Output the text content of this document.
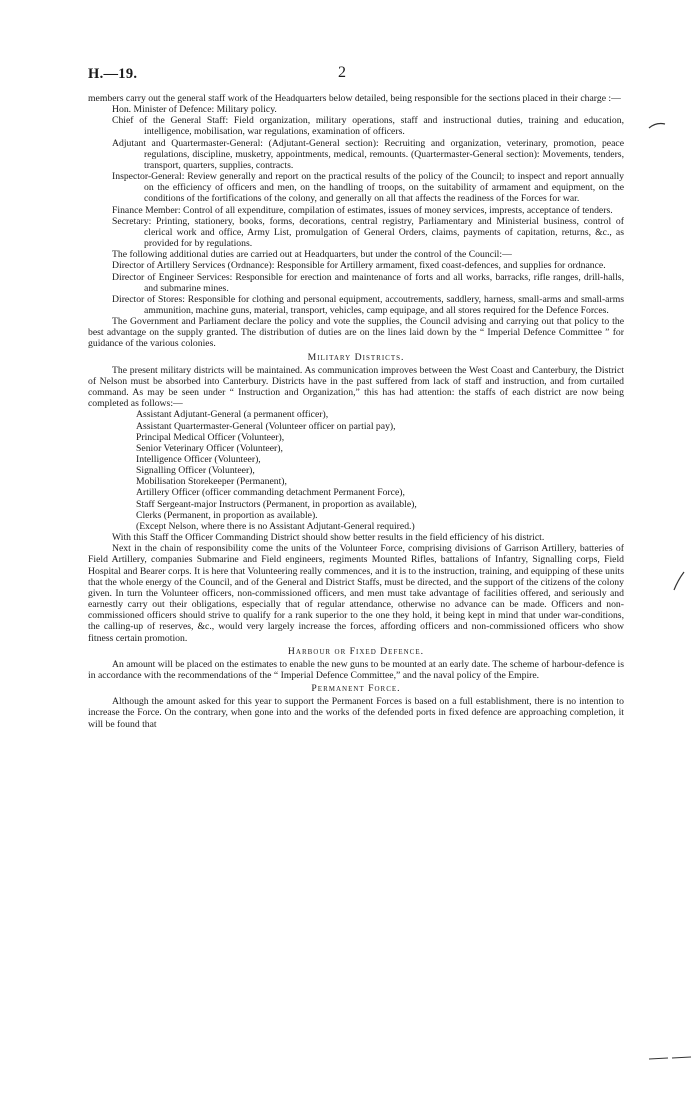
H.—19.	2

members carry out the general staff work of the Headquarters below detailed, being responsible for the sections placed in their charge :—

Hon. Minister of Defence: Military policy.

Chief of the General Staff: Field organization, military operations, staff and instructional duties, training and education, intelligence, mobilisation, war regulations, examination of officers.

Adjutant and Quartermaster-General: (Adjutant-General section): Recruiting and organization, veterinary, promotion, peace regulations, discipline, musketry, appointments, medical, remounts. (Quartermaster-General section): Movements, tenders, transport, quarters, supplies, contracts.

Inspector-General: Review generally and report on the practical results of the policy of the Council; to inspect and report annually on the efficiency of officers and men, on the handling of troops, on the suitability of armament and equipment, on the conditions of the fortifications of the colony, and generally on all that affects the readiness of the Forces for war.

Finance Member: Control of all expenditure, compilation of estimates, issues of money services, imprests, acceptance of tenders.

Secretary: Printing, stationery, books, forms, decorations, central registry, Parliamentary and Ministerial business, control of clerical work and office, Army List, promulgation of General Orders, claims, payments of capitation, returns, &c., as provided for by regulations.

The following additional duties are carried out at Headquarters, but under the control of the Council:—

Director of Artillery Services (Ordnance): Responsible for Artillery armament, fixed coast-defences, and supplies for ordnance.

Director of Engineer Services: Responsible for erection and maintenance of forts and all works, barracks, rifle ranges, drill-halls, and submarine mines.

Director of Stores: Responsible for clothing and personal equipment, accoutrements, saddlery, harness, small-arms and small-arms ammunition, machine guns, material, transport, vehicles, camp equipage, and all stores required for the Defence Forces.

The Government and Parliament declare the policy and vote the supplies, the Council advising and carrying out that policy to the best advantage on the supply granted. The distribution of duties are on the lines laid down by the “ Imperial Defence Committee ” for guidance of the various colonies.

Military Districts.

The present military districts will be maintained. As communication improves between the West Coast and Canterbury, the District of Nelson must be absorbed into Canterbury. Districts have in the past suffered from lack of staff and instruction, and from curtailed command. As may be seen under “ Instruction and Organization,” this has had attention: the staffs of each district are now being completed as follows:—

Assistant Adjutant-General (a permanent officer),

Assistant Quartermaster-General (Volunteer officer on partial pay),

Principal Medical Officer (Volunteer),

Senior Veterinary Officer (Volunteer),

Intelligence Officer (Volunteer),

Signalling Officer (Volunteer),

Mobilisation Storekeeper (Permanent),

Artillery Officer (officer commanding detachment Permanent Force),

Staff Sergeant-major Instructors (Permanent, in proportion as available),

Clerks (Permanent, in proportion as available).

(Except Nelson, where there is no Assistant Adjutant-General required.)

With this Staff the Officer Commanding District should show better results in the field efficiency of his district.

Next in the chain of responsibility come the units of the Volunteer Force, comprising divisions of Garrison Artillery, batteries of Field Artillery, companies Submarine and Field engineers, regiments Mounted Rifles, battalions of Infantry, Signalling corps, Field Hospital and Bearer corps. It is here that Volunteering really commences, and it is to the instruction, training, and equipping of these units that the whole energy of the Council, and of the General and District Staffs, must be directed, and the support of the citizens of the colony given. In turn the Volunteer officers, non-commissioned officers, and men must take advantage of facilities offered, and seriously and earnestly carry out their obligations, especially that of regular attendance, otherwise no advance can be made. Officers and non-commissioned officers should strive to qualify for a rank superior to the one they hold, it being kept in mind that under war-conditions, the calling-up of reserves, &c., would very largely increase the forces, affording officers and non-commissioned officers who show fitness certain promotion.

Harbour or Fixed Defence.

An amount will be placed on the estimates to enable the new guns to be mounted at an early date. The scheme of harbour-defence is in accordance with the recommendations of the “ Imperial Defence Committee,” and the naval policy of the Empire.

Permanent Force.

Although the amount asked for this year to support the Permanent Forces is based on a full establishment, there is no intention to increase the Force. On the contrary, when gone into and the works of the defended ports in fixed defence are approaching completion, it will be found that
